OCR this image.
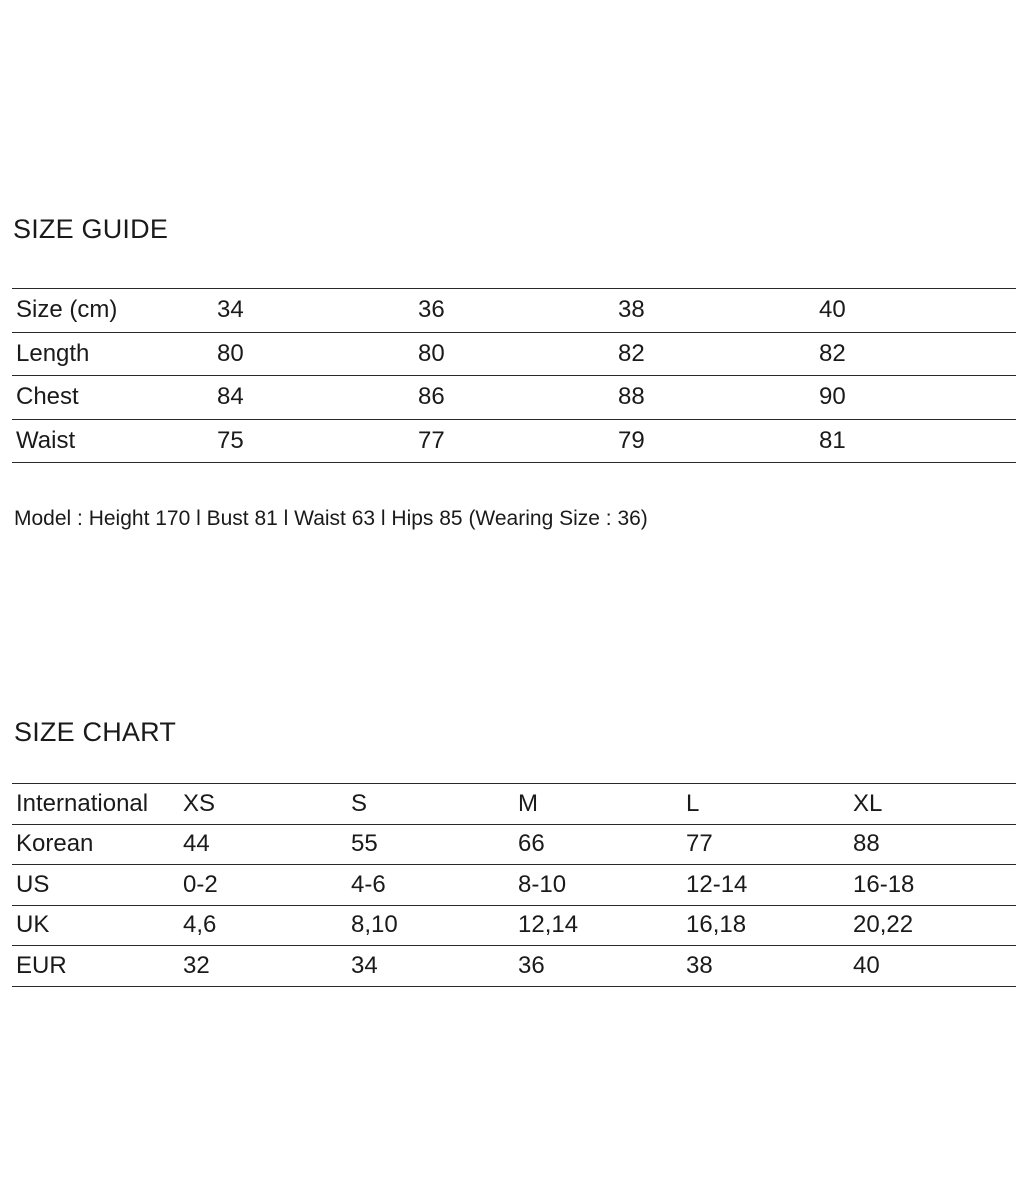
SIZE GUIDE
Size (cm)	34	36	38	40
Length	80	80	82	82
Chest	84	86	88	90
Waist	75	77	79	81

Model : Height 170 l Bust 81 l Waist 63 l Hips 85 (Wearing Size : 36)

SIZE CHART
International	XS	S	M	L	XL
Korean	44	55	66	77	88
US	0-2	4-6	8-10	12-14	16-18
UK	4,6	8,10	12,14	16,18	20,22
EUR	32	34	36	38	40
